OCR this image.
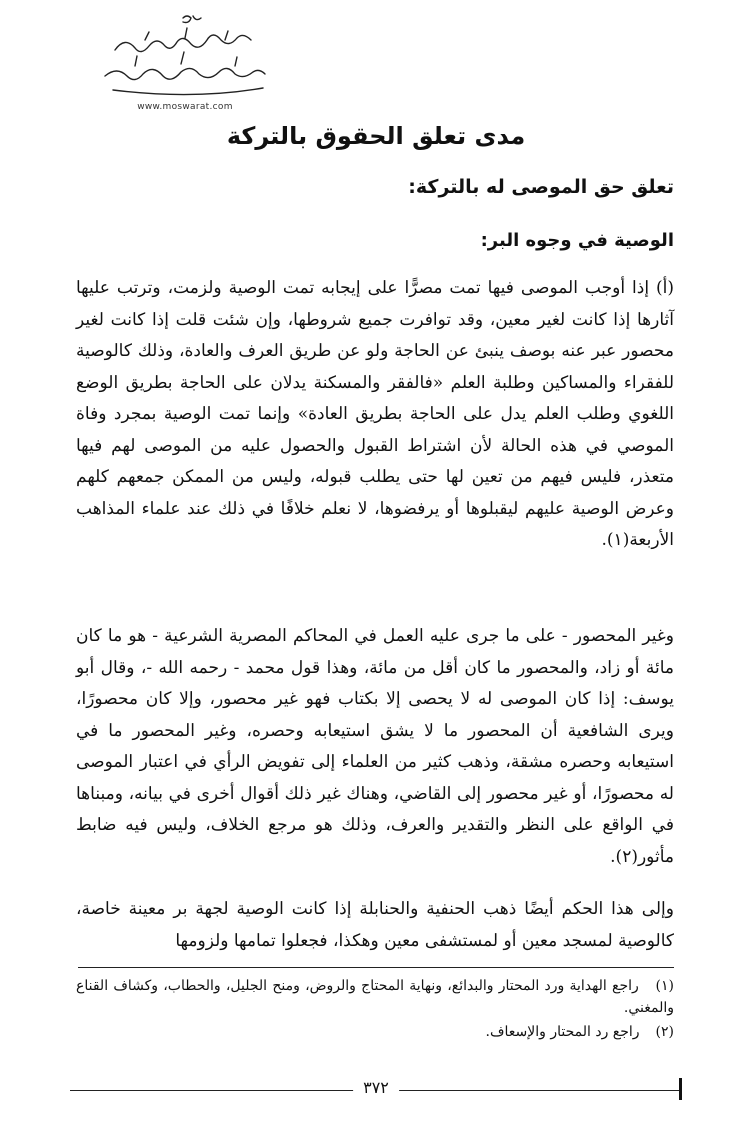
www.moswarat.com
مدى تعلق الحقوق بالتركة
تعلق حق الموصى له بالتركة:
الوصية في وجوه البر:

(أ) إذا أوجب الموصى فيها تمت مصرًّا على إيجابه تمت الوصية ولزمت، وترتب عليها آثارها إذا كانت لغير معين، وقد توافرت جميع شروطها، وإن شئت قلت إذا كانت لغير محصور عبر عنه بوصف ينبئ عن الحاجة ولو عن طريق العرف والعادة، وذلك كالوصية للفقراء والمساكين وطلبة العلم «فالفقر والمسكنة يدلان على الحاجة بطريق الوضع اللغوي وطلب العلم يدل على الحاجة بطريق العادة» وإنما تمت الوصية بمجرد وفاة الموصي في هذه الحالة لأن اشتراط القبول والحصول عليه من الموصى لهم فيها متعذر، فليس فيهم من تعين لها حتى يطلب قبوله، وليس من الممكن جمعهم كلهم وعرض الوصية عليهم ليقبلوها أو يرفضوها، لا نعلم خلافًا في ذلك عند علماء المذاهب الأربعة(١).

وغير المحصور - على ما جرى عليه العمل في المحاكم المصرية الشرعية - هو ما كان مائة أو زاد، والمحصور ما كان أقل من مائة، وهذا قول محمد - رحمه الله -، وقال أبو يوسف: إذا كان الموصى له لا يحصى إلا بكتاب فهو غير محصور، وإلا كان محصورًا، ويرى الشافعية أن المحصور ما لا يشق استيعابه وحصره، وغير المحصور ما في استيعابه وحصره مشقة، وذهب كثير من العلماء إلى تفويض الرأي في اعتبار الموصى له محصورًا، أو غير محصور إلى القاضي، وهناك غير ذلك أقوال أخرى في بيانه، ومبناها في الواقع على النظر والتقدير والعرف، وذلك هو مرجع الخلاف، وليس فيه ضابط مأثور(٢).

وإلى هذا الحكم أيضًا ذهب الحنفية والحنابلة إذا كانت الوصية لجهة بر معينة خاصة، كالوصية لمسجد معين أو لمستشفى معين وهكذا، فجعلوا تمامها ولزومها

(١) راجع الهداية ورد المحتار والبدائع، ونهاية المحتاج والروض، ومنح الجليل، والحطاب، وكشاف القناع والمغني.
(٢) راجع رد المحتار والإسعاف.
٣٧٢
